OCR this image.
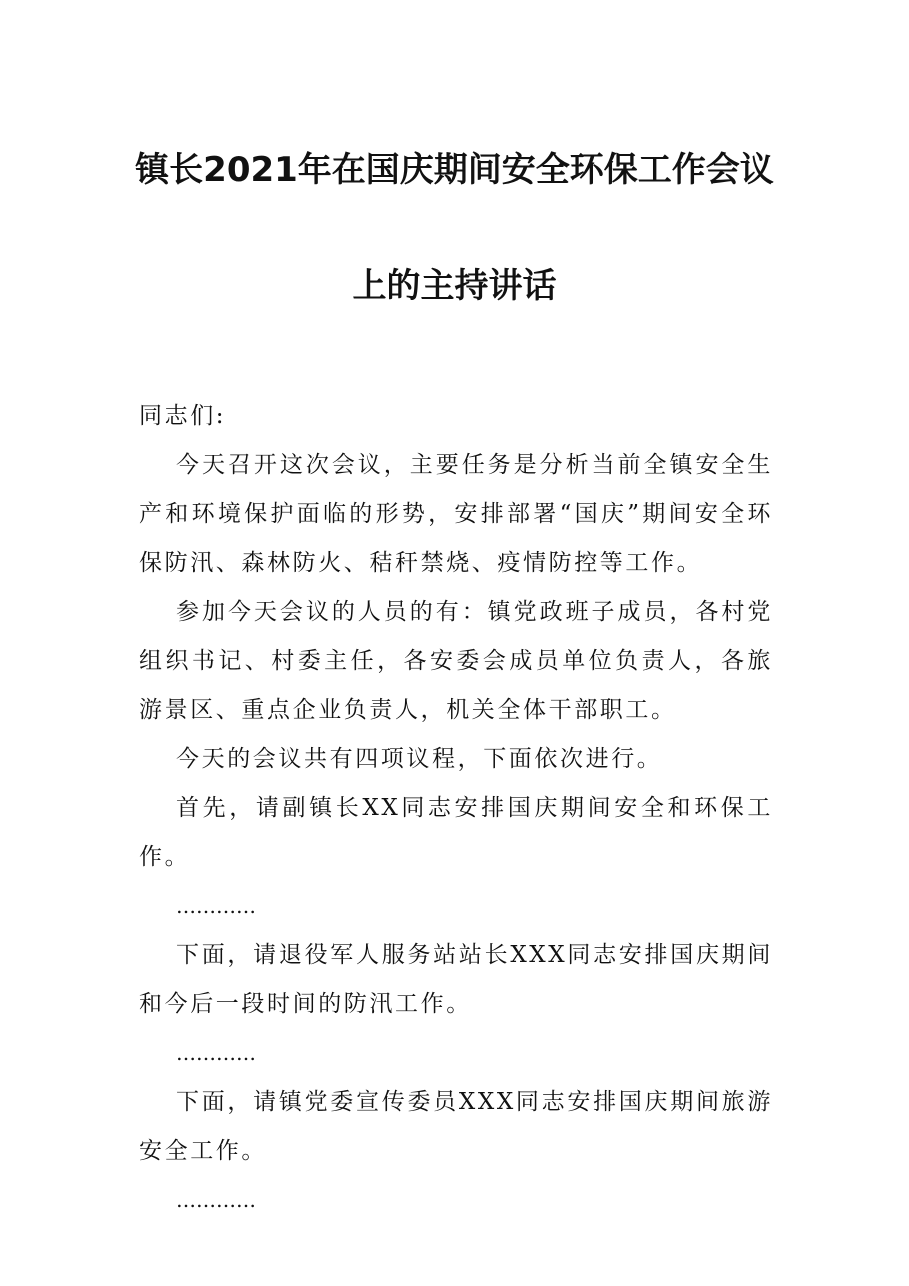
镇长2021年在国庆期间安全环保工作会议
上的主持讲话

同志们:

今天召开这次会议，主要任务是分析当前全镇安全生产和环境保护面临的形势，安排部署“国庆”期间安全环保防汛、森林防火、秸秆禁烧、疫情防控等工作。

参加今天会议的人员的有：镇党政班子成员，各村党组织书记、村委主任，各安委会成员单位负责人，各旅游景区、重点企业负责人，机关全体干部职工。

今天的会议共有四项议程，下面依次进行。

首先，请副镇长XX同志安排国庆期间安全和环保工作。

…………

下面，请退役军人服务站站长XXX同志安排国庆期间和今后一段时间的防汛工作。

…………

下面，请镇党委宣传委员XXX同志安排国庆期间旅游安全工作。

…………
